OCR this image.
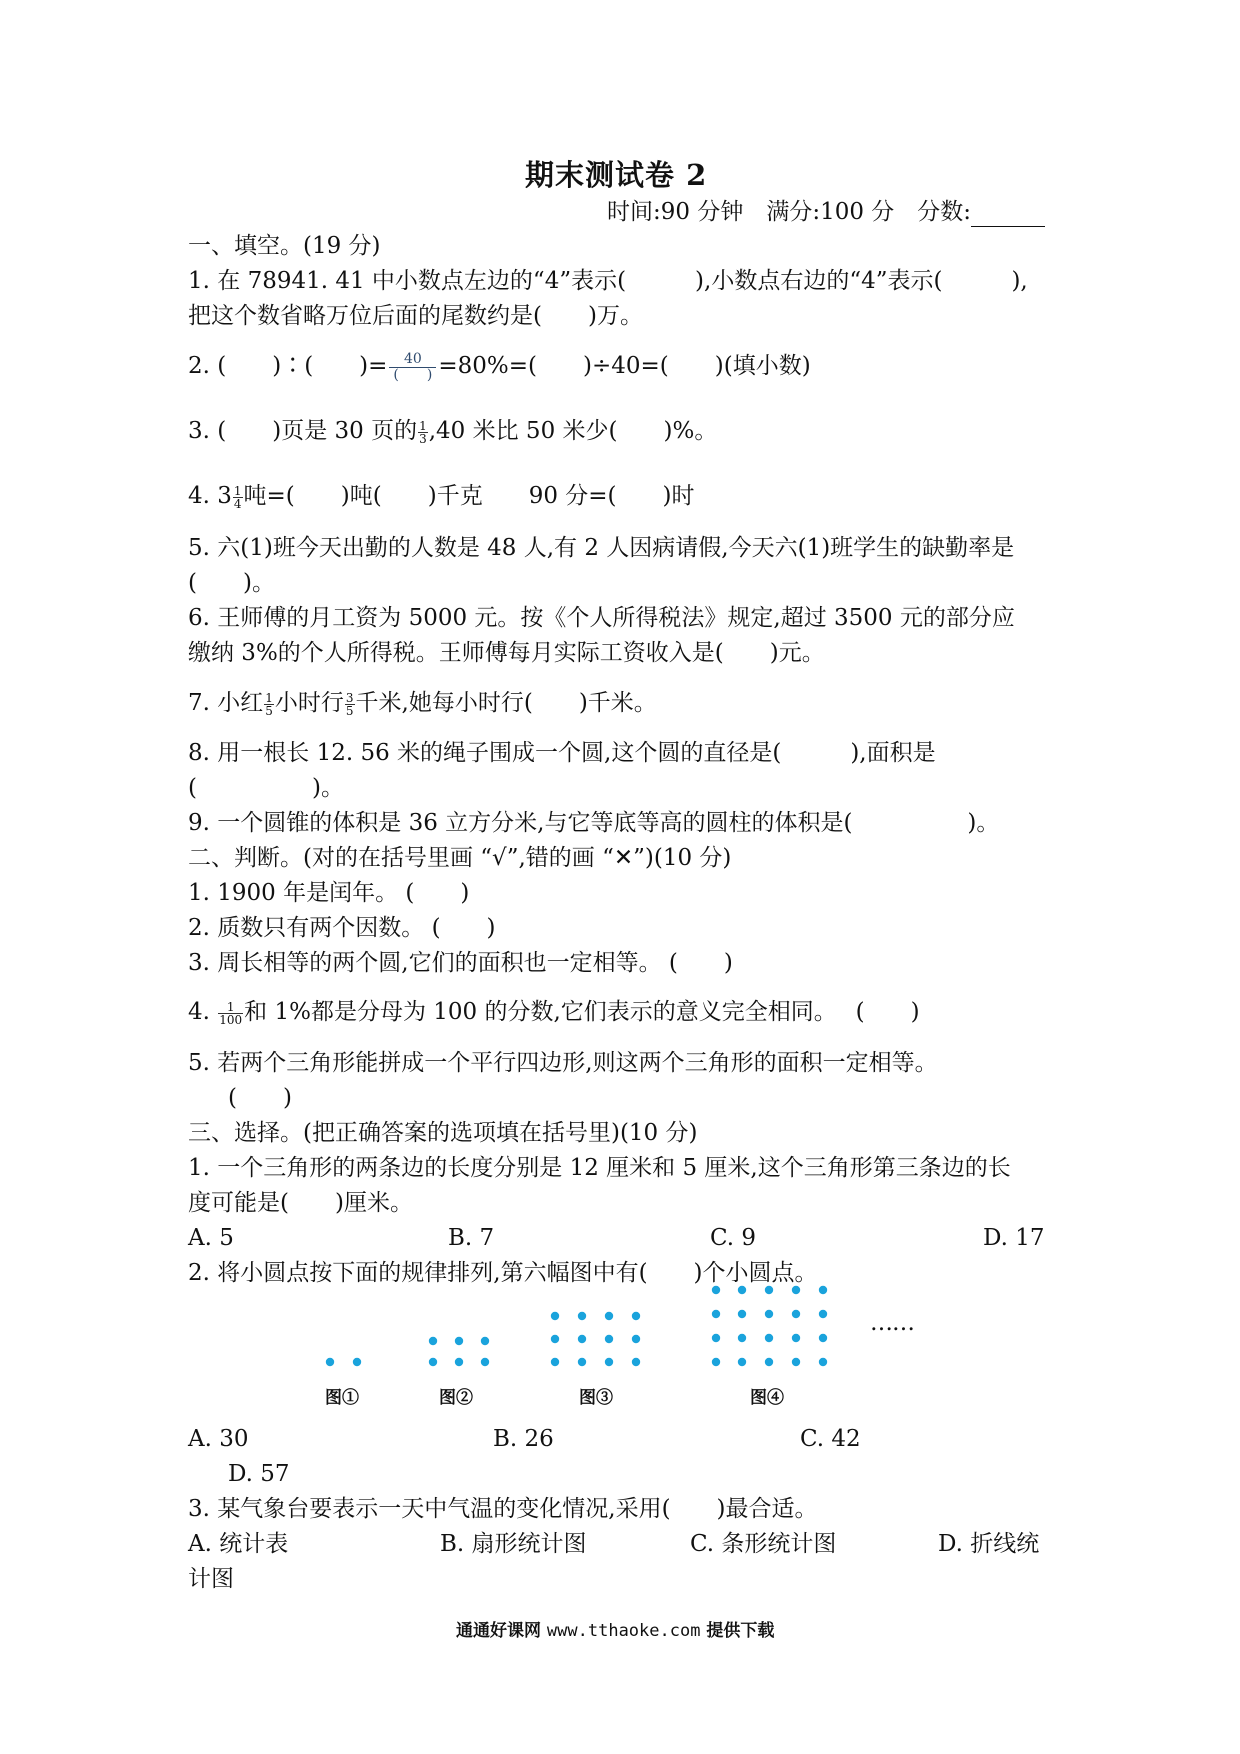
期末测试卷 2
时间:90 分钟　满分:100 分　分数:
一、填空。(19 分)
1. 在 78941. 41 中小数点左边的“4”表示(　　　),小数点右边的“4”表示(　　　),
把这个数省略万位后面的尾数约是(　　)万。
2. (　　)∶(　　)=	40
(　　) =80%=(　　)÷40=(　　)(填小数)
3. (　　)页是 30 页的 $\frac{1}{3} ,40$ 米比 50 米少(　　)%。
4. $3 \frac{1}{4}$ 吨=(　　)吨(　　)千克　　90 分=(　　)时
5. 六(1)班今天出勤的人数是 48 人,有 2 人因病请假,今天六(1)班学生的缺勤率是
(　　)。
6. 王师傅的月工资为 5000 元。按《个人所得税法》规定,超过 3500 元的部分应
缴纳 3%的个人所得税。王师傅每月实际工资收入是(　　)元。
7. 小红 $\frac{1}{5}$ 小时行 $\frac{3}{5}$ 千米,她每小时行(　　)千米。
8. 用一根长 12. 56 米的绳子围成一个圆,这个圆的直径是(　　　),面积是
(　　　　　)。
9. 一个圆锥的体积是 36 立方分米,与它等底等高的圆柱的体积是(　　　　　)。
二、判断。(对的在括号里画 “√”,错的画 “✕”)(10 分)
1. 1900 年是闰年。 (　　)
2. 质数只有两个因数。 (　　)
3. 周长相等的两个圆,它们的面积也一定相等。 (　　)
4. $\frac{1}{100}$ 和 1%都是分母为 100 的分数,它们表示的意义完全相同。　 (　　)
5. 若两个三角形能拼成一个平行四边形,则这两个三角形的面积一定相等。
(　　)
三、选择。(把正确答案的选项填在括号里)(10 分)
1. 一个三角形的两条边的长度分别是 12 厘米和 5 厘米,这个三角形第三条边的长
度可能是(　　)厘米。
A. 5	B. 7	C. 9	D. 17
2. 将小圆点按下面的规律排列,第六幅图中有(　　)个小圆点。
……
图①	图②	图③	图④
A. 30	B. 26	C. 42
D. 57
3. 某气象台要表示一天中气温的变化情况,采用(　　)最合适。
A. 统计表	B. 扇形统计图	C. 条形统计图	D. 折线统
计图
通通好课网 www.tthaoke.com 提供下载
